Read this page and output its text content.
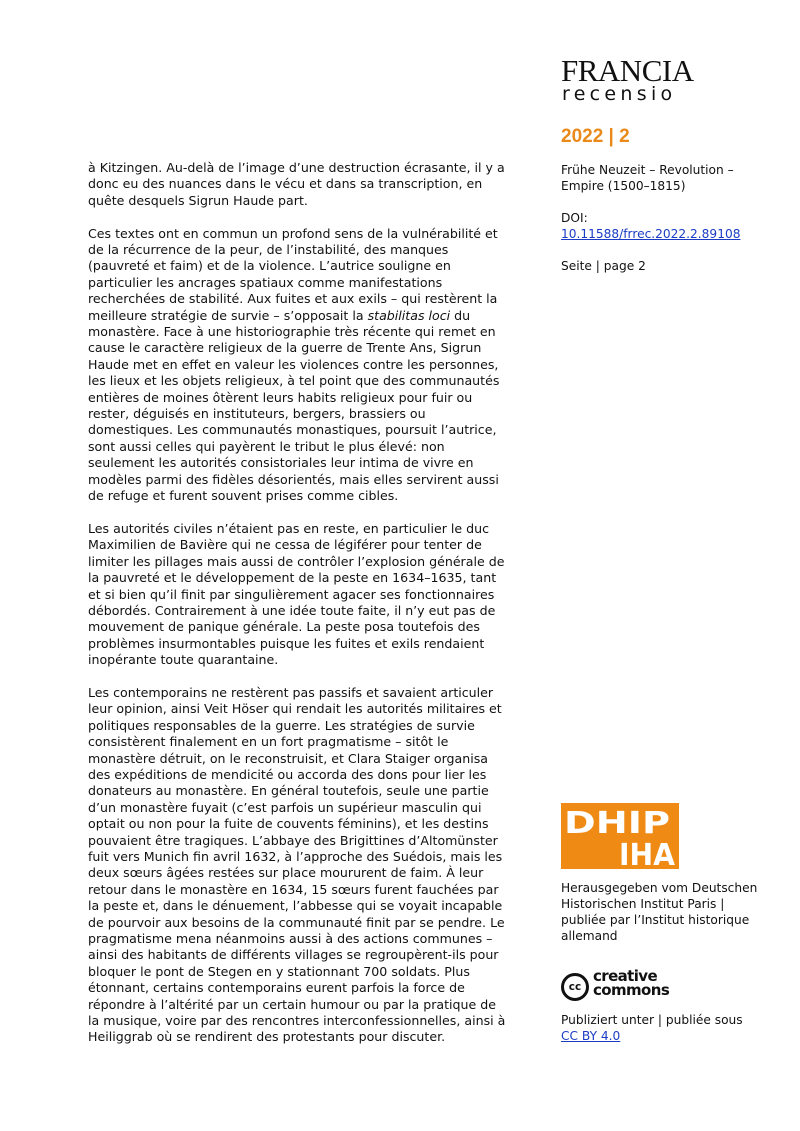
FRANCIA
recensio

à Kitzingen. Au-delà de l’image d’une destruction écrasante, il y a donc eu des nuances dans le vécu et dans sa transcription, en quête desquels Sigrun Haude part.

Ces textes ont en commun un profond sens de la vulnérabilité et de la récurrence de la peur, de l’instabilité, des manques (pauvreté et faim) et de la violence. L’autrice souligne en particulier les ancrages spatiaux comme manifestations recherchées de stabilité. Aux fuites et aux exils – qui restèrent la meilleure stratégie de survie – s’opposait la stabilitas loci du monastère. Face à une historiographie très récente qui remet en cause le caractère religieux de la guerre de Trente Ans, Sigrun Haude met en effet en valeur les violences contre les personnes, les lieux et les objets religieux, à tel point que des communautés entières de moines ôtèrent leurs habits religieux pour fuir ou rester, déguisés en instituteurs, bergers, brassiers ou domestiques. Les communautés monastiques, poursuit l’autrice, sont aussi celles qui payèrent le tribut le plus élevé: non seulement les autorités consistoriales leur intima de vivre en modèles parmi des fidèles désorientés, mais elles servirent aussi de refuge et furent souvent prises comme cibles.

Les autorités civiles n’étaient pas en reste, en particulier le duc Maximilien de Bavière qui ne cessa de légiférer pour tenter de limiter les pillages mais aussi de contrôler l’explosion générale de la pauvreté et le développement de la peste en 1634–1635, tant et si bien qu’il finit par singulièrement agacer ses fonctionnaires débordés. Contrairement à une idée toute faite, il n’y eut pas de mouvement de panique générale. La peste posa toutefois des problèmes insurmontables puisque les fuites et exils rendaient inopérante toute quarantaine.

Les contemporains ne restèrent pas passifs et savaient articuler leur opinion, ainsi Veit Höser qui rendait les autorités militaires et politiques responsables de la guerre. Les stratégies de survie consistèrent finalement en un fort pragmatisme – sitôt le monastère détruit, on le reconstruisit, et Clara Staiger organisa des expéditions de mendicité ou accorda des dons pour lier les donateurs au monastère. En général toutefois, seule une partie d’un monastère fuyait (c’est parfois un supérieur masculin qui optait ou non pour la fuite de couvents féminins), et les destins pouvaient être tragiques. L’abbaye des Brigittines d’Altomünster fuit vers Munich fin avril 1632, à l’approche des Suédois, mais les deux sœurs âgées restées sur place moururent de faim. À leur retour dans le monastère en 1634, 15 sœurs furent fauchées par la peste et, dans le dénuement, l’abbesse qui se voyait incapable de pourvoir aux besoins de la communauté finit par se pendre. Le pragmatisme mena néanmoins aussi à des actions communes – ainsi des habitants de différents villages se regroupèrent-ils pour bloquer le pont de Stegen en y stationnant 700 soldats. Plus étonnant, certains contemporains eurent parfois la force de répondre à l’altérité par un certain humour ou par la pratique de la musique, voire par des rencontres interconfessionnelles, ainsi à Heiliggrab où se rendirent des protestants pour discuter.

2022 | 2
Frühe Neuzeit – Revolution – Empire (1500–1815)
DOI:
10.11588/frrec.2022.2.89108
Seite | page 2
DHIP
IHA
Herausgegeben vom Deutschen Historischen Institut Paris | publiée par l’Institut historique allemand
cc
creative
commons
Publiziert unter | publiée sous
CC BY 4.0
